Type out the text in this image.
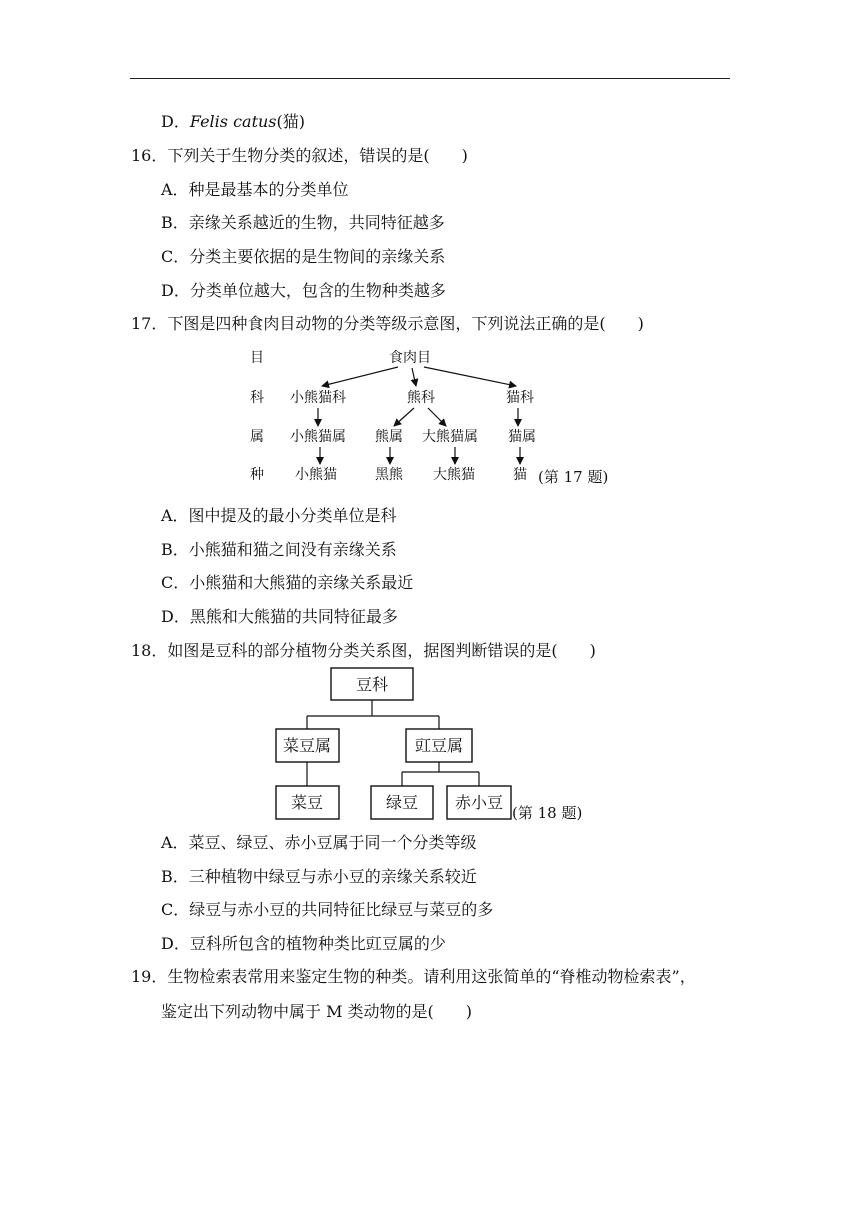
D．Felis catus(猫)
16．下列关于生物分类的叙述，错误的是(　　)
A．种是最基本的分类单位
B．亲缘关系越近的生物，共同特征越多
C．分类主要依据的是生物间的亲缘关系
D．分类单位越大，包含的生物种类越多
17．下图是四种食肉目动物的分类等级示意图，下列说法正确的是(　　)
目
科
属
种
食肉目
小熊猫科	熊科	猫科
小熊猫属 熊属 大熊猫属 猫属
小熊猫	黑熊 大熊猫	猫 (第 17 题)
A．图中提及的最小分类单位是科
B．小熊猫和猫之间没有亲缘关系
C．小熊猫和大熊猫的亲缘关系最近
D．黑熊和大熊猫的共同特征最多
18．如图是豆科的部分植物分类关系图，据图判断错误的是(　　)
豆科
菜豆属	豇豆属
菜豆	绿豆 赤小豆
(第 18 题)
A．菜豆、绿豆、赤小豆属于同一个分类等级
B．三种植物中绿豆与赤小豆的亲缘关系较近
C．绿豆与赤小豆的共同特征比绿豆与菜豆的多
D．豆科所包含的植物种类比豇豆属的少
19．生物检索表常用来鉴定生物的种类。请利用这张简单的“脊椎动物检索表”，
鉴定出下列动物中属于 M 类动物的是(　　)
